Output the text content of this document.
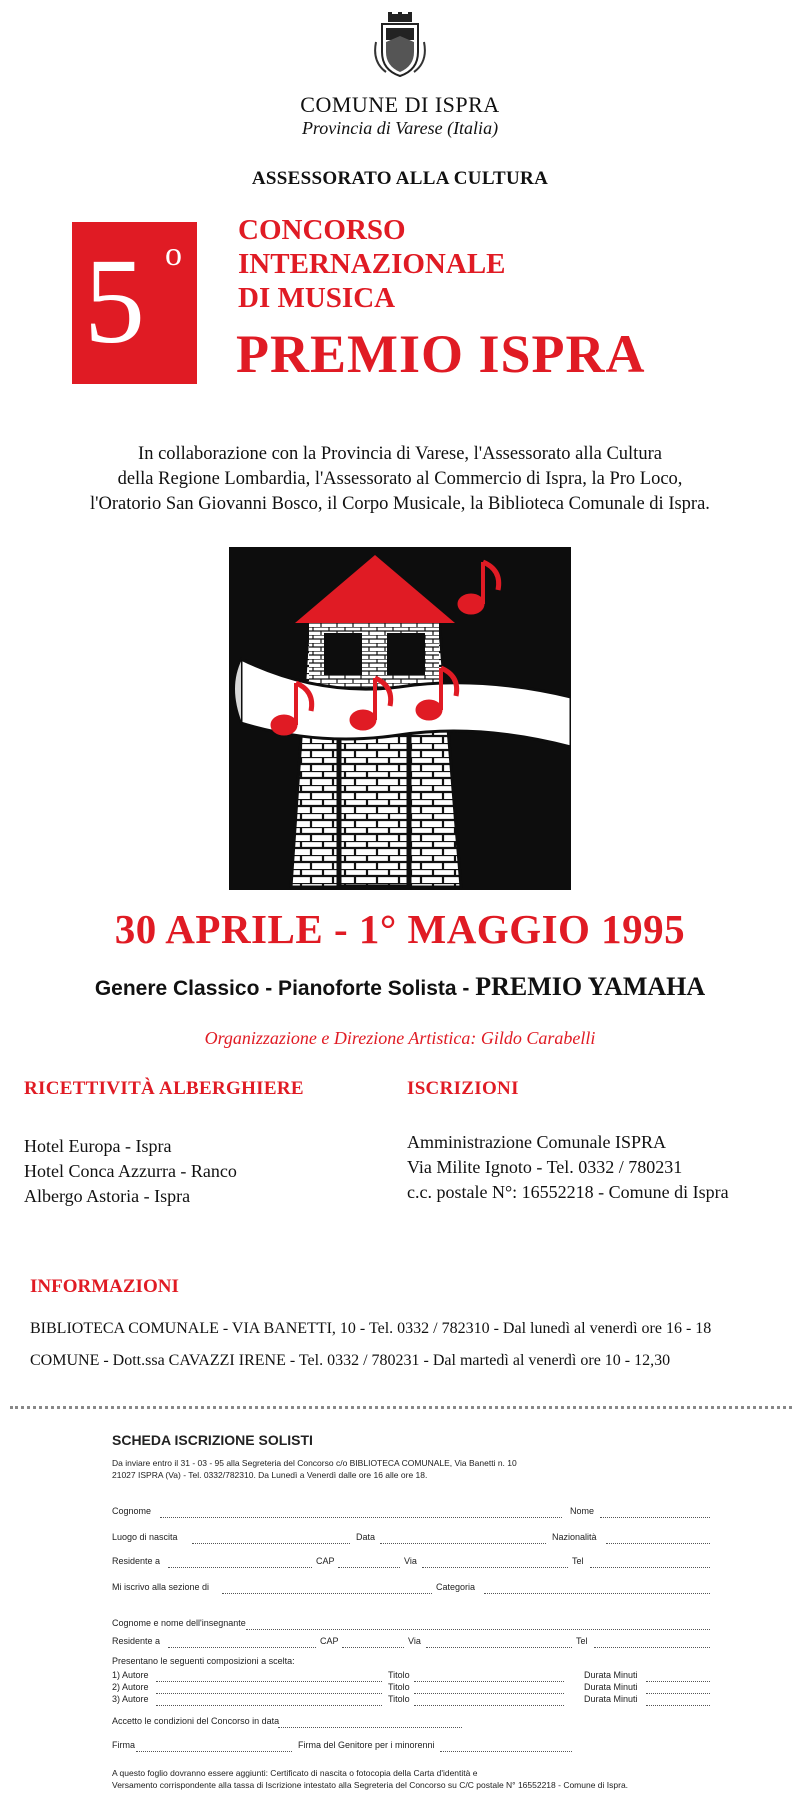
COMUNE DI ISPRA
Provincia di Varese (Italia)
ASSESSORATO ALLA CULTURA
5 o
CONCORSO
INTERNAZIONALE
DI MUSICA
PREMIO ISPRA
In collaborazione con la Provincia di Varese, l'Assessorato alla Cultura
della Regione Lombardia, l'Assessorato al Commercio di Ispra, la Pro Loco,
l'Oratorio San Giovanni Bosco, il Corpo Musicale, la Biblioteca Comunale di Ispra.
30 APRILE - 1° MAGGIO 1995
Genere Classico - Pianoforte Solista - PREMIO YAMAHA
Organizzazione e Direzione Artistica: Gildo Carabelli
RICETTIVITÀ ALBERGHIERE	ISCRIZIONI
Hotel Europa - Ispra
Hotel Conca Azzurra - Ranco
Albergo Astoria - Ispra
Amministrazione Comunale ISPRA
Via Milite Ignoto - Tel. 0332 / 780231
c.c. postale N°: 16552218 - Comune di Ispra
INFORMAZIONI
BIBLIOTECA COMUNALE - VIA BANETTI, 10 - Tel. 0332 / 782310 - Dal lunedì al venerdì ore 16 - 18
COMUNE - Dott.ssa CAVAZZI IRENE - Tel. 0332 / 780231 - Dal martedì al venerdì ore 10 - 12,30
SCHEDA ISCRIZIONE SOLISTI
Da inviare entro il 31 - 03 - 95 alla Segreteria del Concorso c/o BIBLIOTECA COMUNALE, Via Banetti n. 10
21027 ISPRA (Va) - Tel. 0332/782310. Da Lunedì a Venerdì dalle ore 16 alle ore 18.
Cognome	Nome
Luogo di nascita	Data	Nazionalità
Residente a	CAP	Via	Tel
Mi iscrivo alla sezione di	Categoria
Cognome e nome dell'insegnante
Residente a	CAP	Via	Tel
Presentano le seguenti composizioni a scelta:
1) Autore	Titolo	Durata Minuti
2) Autore	Titolo	Durata Minuti
3) Autore	Titolo	Durata Minuti
Accetto le condizioni del Concorso in data
Firma	Firma del Genitore per i minorenni
A questo foglio dovranno essere aggiunti: Certificato di nascita o fotocopia della Carta d'identità e
Versamento corrispondente alla tassa di Iscrizione intestato alla Segreteria del Concorso su C/C postale N° 16552218 - Comune di Ispra.
